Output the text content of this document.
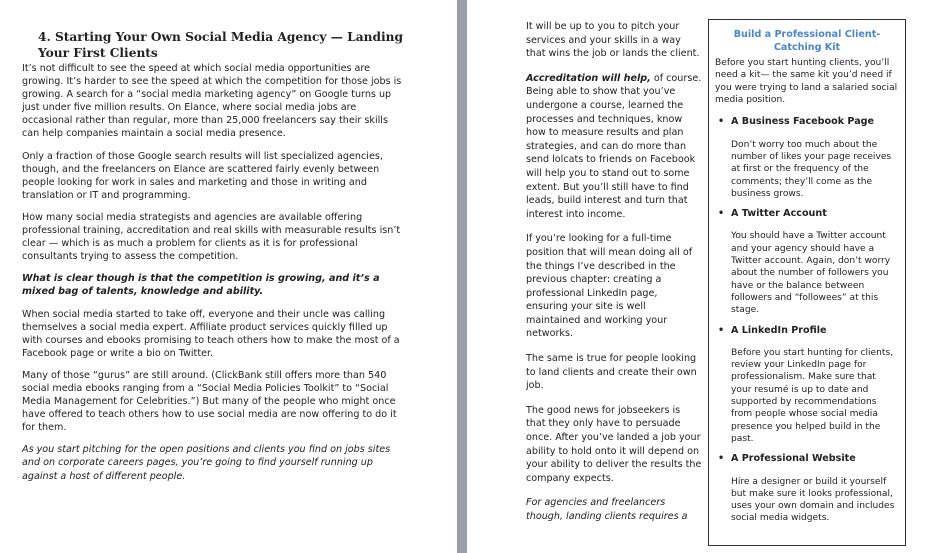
4. Starting Your Own Social Media Agency — Landing Your First Clients

It’s not difficult to see the speed at which social media opportunities are growing. It’s harder to see the speed at which the competition for those jobs is growing. A search for a “social media marketing agency” on Google turns up just under five million results. On Elance, where social media jobs are occasional rather than regular, more than 25,000 freelancers say their skills can help companies maintain a social media presence.

Only a fraction of those Google search results will list specialized agencies, though, and the freelancers on Elance are scattered fairly evenly between people looking for work in sales and marketing and those in writing and translation or IT and programming.

How many social media strategists and agencies are available offering professional training, accreditation and real skills with measurable results isn’t clear — which is as much a problem for clients as it is for professional consultants trying to assess the competition.

What is clear though is that the competition is growing, and it’s a mixed bag of talents, knowledge and ability.

When social media started to take off, everyone and their uncle was calling themselves a social media expert. Affiliate product services quickly filled up with courses and ebooks promising to teach others how to make the most of a Facebook page or write a bio on Twitter.

Many of those “gurus” are still around. (ClickBank still offers more than 540 social media ebooks ranging from a “Social Media Policies Toolkit” to “Social Media Management for Celebrities.”) But many of the people who might once have offered to teach others how to use social media are now offering to do it for them.

As you start pitching for the open positions and clients you find on jobs sites and on corporate careers pages, you’re going to find yourself running up against a host of different people.

It will be up to you to pitch your services and your skills in a way that wins the job or lands the client.

Accreditation will help, of course. Being able to show that you’ve undergone a course, learned the processes and techniques, know how to measure results and plan strategies, and can do more than send lolcats to friends on Facebook will help you to stand out to some extent. But you’ll still have to find leads, build interest and turn that interest into income.

If you’re looking for a full-time position that will mean doing all of the things I’ve described in the previous chapter: creating a professional LinkedIn page, ensuring your site is well maintained and working your networks.

The same is true for people looking to land clients and create their own job.

The good news for jobseekers is that they only have to persuade once. After you’ve landed a job your ability to hold onto it will depend on your ability to deliver the results the company expects.

For agencies and freelancers though, landing clients requires a

Build a Professional Client-Catching Kit
Before you start hunting clients, you’ll need a kit— the same kit you’d need if you were trying to land a salaried social media position.
• A Business Facebook Page
Don’t worry too much about the number of likes your page receives at first or the frequency of the comments; they’ll come as the business grows.
• A Twitter Account
You should have a Twitter account and your agency should have a Twitter account. Again, don’t worry about the number of followers you have or the balance between followers and “followees” at this stage.
• A LinkedIn Profile
Before you start hunting for clients, review your LinkedIn page for professionalism. Make sure that your resumé is up to date and supported by recommendations from people whose social media presence you helped build in the past.
• A Professional Website
Hire a designer or build it yourself but make sure it looks professional, uses your own domain and includes social media widgets.
